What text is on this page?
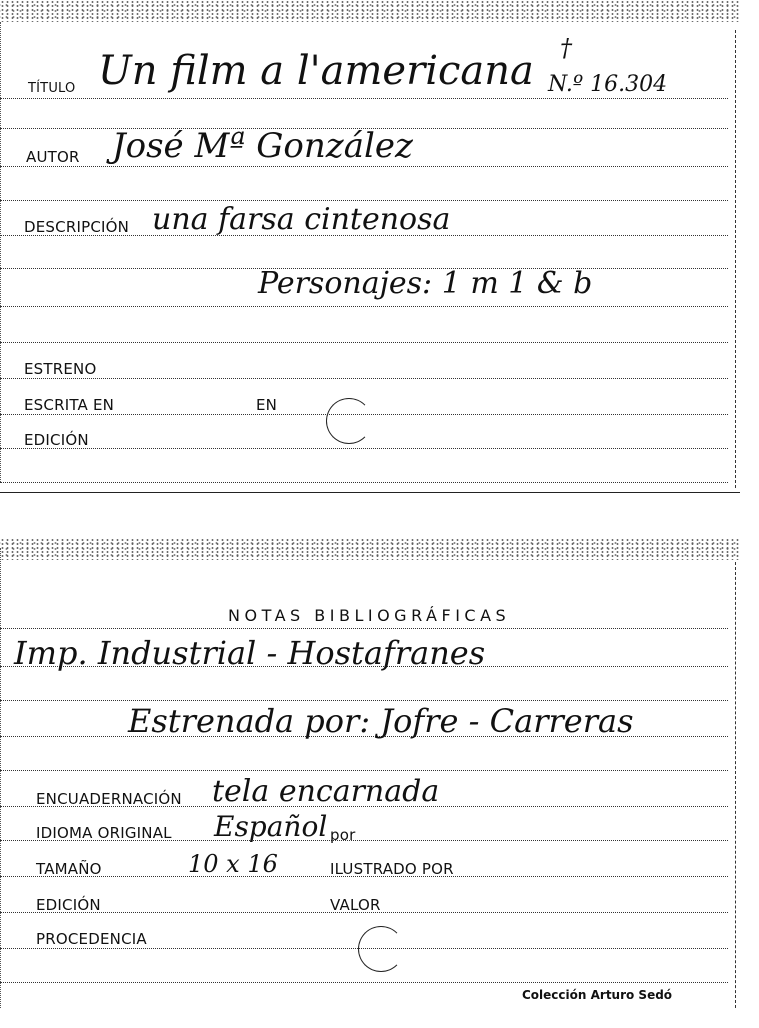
TÍTULO Un film a l'americana †
N.º 16.304
AUTOR José Mª González
DESCRIPCIÓN una farsa cintenosa
Personajes: 1 m 1 & b
ESTRENO
ESCRITA EN	EN
EDICIÓN
NOTAS BIBLIOGRÁFICAS
Imp. Industrial - Hostafranes
Estrenada por: Jofre - Carreras
ENCUADERNACIÓN tela encarnada
IDIOMA ORIGINAL Español por
TAMAÑO	10 x 16	ILUSTRADO POR
EDICIÓN	VALOR
PROCEDENCIA
Colección Arturo Sedó
